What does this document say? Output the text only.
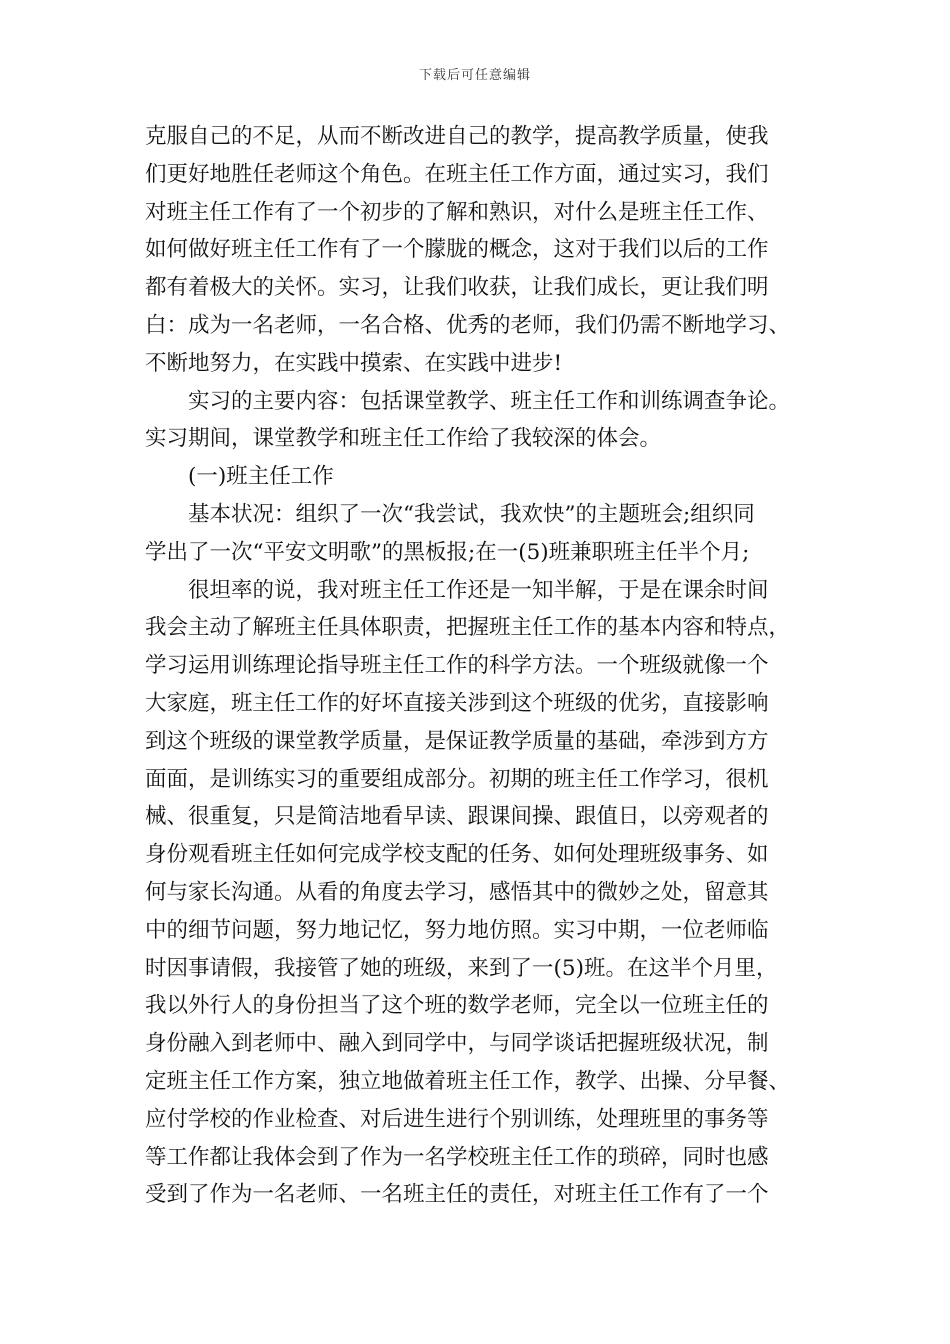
下载后可任意编辑
克服自己的不足，从而不断改进自己的教学，提高教学质量，使我
们更好地胜任老师这个角色。在班主任工作方面，通过实习，我们
对班主任工作有了一个初步的了解和熟识，对什么是班主任工作、
如何做好班主任工作有了一个朦胧的概念，这对于我们以后的工作
都有着极大的关怀。实习，让我们收获，让我们成长，更让我们明
白：成为一名老师，一名合格、优秀的老师，我们仍需不断地学习、
不断地努力，在实践中摸索、在实践中进步!
实习的主要内容：包括课堂教学、班主任工作和训练调查争论。
实习期间，课堂教学和班主任工作给了我较深的体会。
(一)班主任工作
基本状况：组织了一次“我尝试，我欢快”的主题班会;组织同
学出了一次“平安文明歌”的黑板报;在一(5)班兼职班主任半个月;
很坦率的说，我对班主任工作还是一知半解，于是在课余时间
我会主动了解班主任具体职责，把握班主任工作的基本内容和特点，
学习运用训练理论指导班主任工作的科学方法。一个班级就像一个
大家庭，班主任工作的好坏直接关涉到这个班级的优劣，直接影响
到这个班级的课堂教学质量，是保证教学质量的基础，牵涉到方方
面面，是训练实习的重要组成部分。初期的班主任工作学习，很机
械、很重复，只是简洁地看早读、跟课间操、跟值日，以旁观者的
身份观看班主任如何完成学校支配的任务、如何处理班级事务、如
何与家长沟通。从看的角度去学习，感悟其中的微妙之处，留意其
中的细节问题，努力地记忆，努力地仿照。实习中期，一位老师临
时因事请假，我接管了她的班级，来到了一(5)班。在这半个月里，
我以外行人的身份担当了这个班的数学老师，完全以一位班主任的
身份融入到老师中、融入到同学中，与同学谈话把握班级状况，制
定班主任工作方案，独立地做着班主任工作，教学、出操、分早餐、
应付学校的作业检查、对后进生进行个别训练，处理班里的事务等
等工作都让我体会到了作为一名学校班主任工作的琐碎，同时也感
受到了作为一名老师、一名班主任的责任，对班主任工作有了一个
